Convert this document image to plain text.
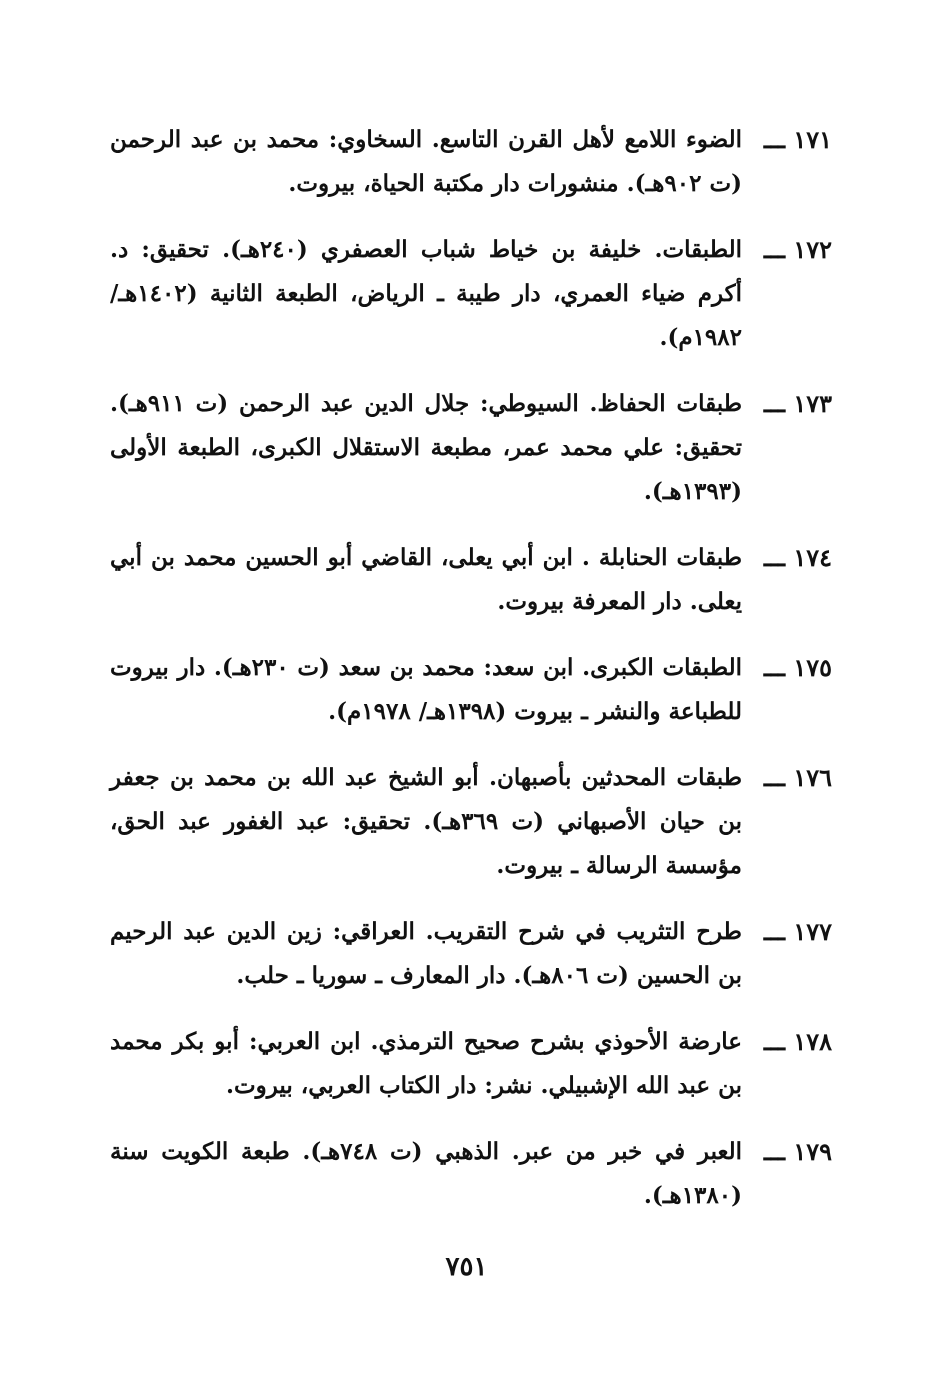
١٧١ ـــ
الضوء اللامع لأهل القرن التاسع. السخاوي: محمد بن عبد الرحمن (ت ٩٠٢هـ). منشورات دار مكتبة الحياة، بيروت.
١٧٢ ـــ
الطبقات. خليفة بن خياط شباب العصفري (٢٤٠هـ). تحقيق: د. أكرم ضياء العمري، دار طيبة ـ الرياض، الطبعة الثانية (١٤٠٢هـ/ ١٩٨٢م).
١٧٣ ـــ
طبقات الحفاظ. السيوطي: جلال الدين عبد الرحمن (ت ٩١١هـ). تحقيق: علي محمد عمر، مطبعة الاستقلال الكبرى، الطبعة الأولى (١٣٩٣هـ).
١٧٤ ـــ
طبقات الحنابلة . ابن أبي يعلى، القاضي أبو الحسين محمد بن أبي يعلى. دار المعرفة بيروت.
١٧٥ ـــ
الطبقات الكبرى. ابن سعد: محمد بن سعد (ت ٢٣٠هـ). دار بيروت للطباعة والنشر ـ بيروت (١٣٩٨هـ/ ١٩٧٨م).
١٧٦ ـــ
طبقات المحدثين بأصبهان. أبو الشيخ عبد الله بن محمد بن جعفر بن حيان الأصبهاني (ت ٣٦٩هـ). تحقيق: عبد الغفور عبد الحق، مؤسسة الرسالة ـ بيروت.
١٧٧ ـــ
طرح التثريب في شرح التقريب. العراقي: زين الدين عبد الرحيم بن الحسين (ت ٨٠٦هـ). دار المعارف ـ سوريا ـ حلب.
١٧٨ ـــ
عارضة الأحوذي بشرح صحيح الترمذي. ابن العربي: أبو بكر محمد بن عبد الله الإشبيلي. نشر: دار الكتاب العربي، بيروت.
١٧٩ ـــ
العبر في خبر من عبر. الذهبي (ت ٧٤٨هـ). طبعة الكويت سنة (١٣٨٠هـ).
٧٥١
